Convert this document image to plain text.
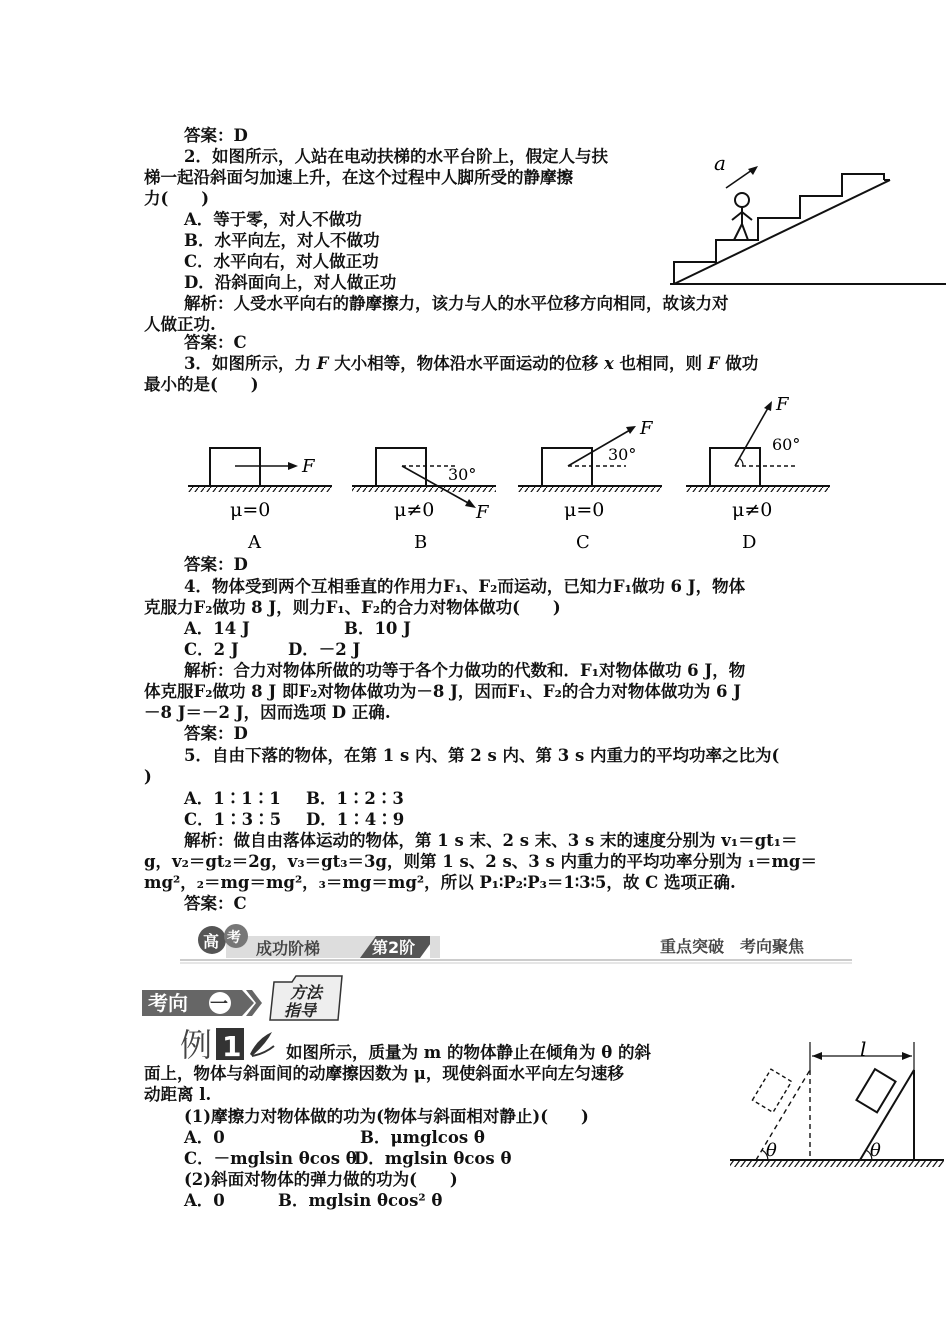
答案：D
2．如图所示，人站在电动扶梯的水平台阶上，假定人与扶
梯一起沿斜面匀加速上升，在这个过程中人脚所受的静摩擦
力(　　)
A．等于零，对人不做功
B．水平向左，对人不做功
C．水平向右，对人做正功
D．沿斜面向上，对人做正功
解析：人受水平向右的静摩擦力，该力与人的水平位移方向相同，故该力对
人做正功.
答案：C
a
3．如图所示，力 F 大小相等，物体沿水平面运动的位移 x 也相同，则 F 做功
最小的是(　　)
F
μ=0
A
30°
F
μ≠0
B
30°
F
μ=0
C
60°
F
μ≠0
D
答案：D
4．物体受到两个互相垂直的作用力F₁、F₂而运动，已知力F₁做功 6 J，物体
克服力F₂做功 8 J，则力F₁、F₂的合力对物体做功(　　)
A．14 J	B．10 J
C．2 J	D．－2 J
解析：合力对物体所做的功等于各个力做功的代数和．F₁对物体做功 6 J，物
体克服F₂做功 8 J 即F₂对物体做功为－8 J，因而F₁、F₂的合力对物体做功为 6 J
－8 J＝－2 J，因而选项 D 正确.
答案：D
5．自由下落的物体，在第 1 s 内、第 2 s 内、第 3 s 内重力的平均功率之比为(
)
A．1∶1∶1 B．1∶2∶3
C．1∶3∶5 D．1∶4∶9
解析：做自由落体运动的物体，第 1 s 末、2 s 末、3 s 末的速度分别为 v₁＝gt₁＝
g，v₂＝gt₂＝2g，v₃＝gt₃＝3g，则第 1 s、2 s、3 s 内重力的平均功率分别为 ₁＝mg＝
mg²，₂＝mg＝mg²，₃＝mg＝mg²，所以 P₁∶P₂∶P₃＝1∶3∶5，故 C 选项正确.
答案：C
高 考
成功阶梯	第2阶	重点突破　考向聚焦
考向 一
方法
指导
例 1	如图所示，质量为 m 的物体静止在倾角为 θ 的斜
面上，物体与斜面间的动摩擦因数为 μ，现使斜面水平向左匀速移
动距离 l.
(1)摩擦力对物体做的功为(物体与斜面相对静止)(　　)
A．0	B．μmglcos θ
C．－mglsin θcos θ
D．mglsin θcos θ
(2)斜面对物体的弹力做的功为(　　)
A．0	B．mglsin θcos² θ
l
θ	θ
